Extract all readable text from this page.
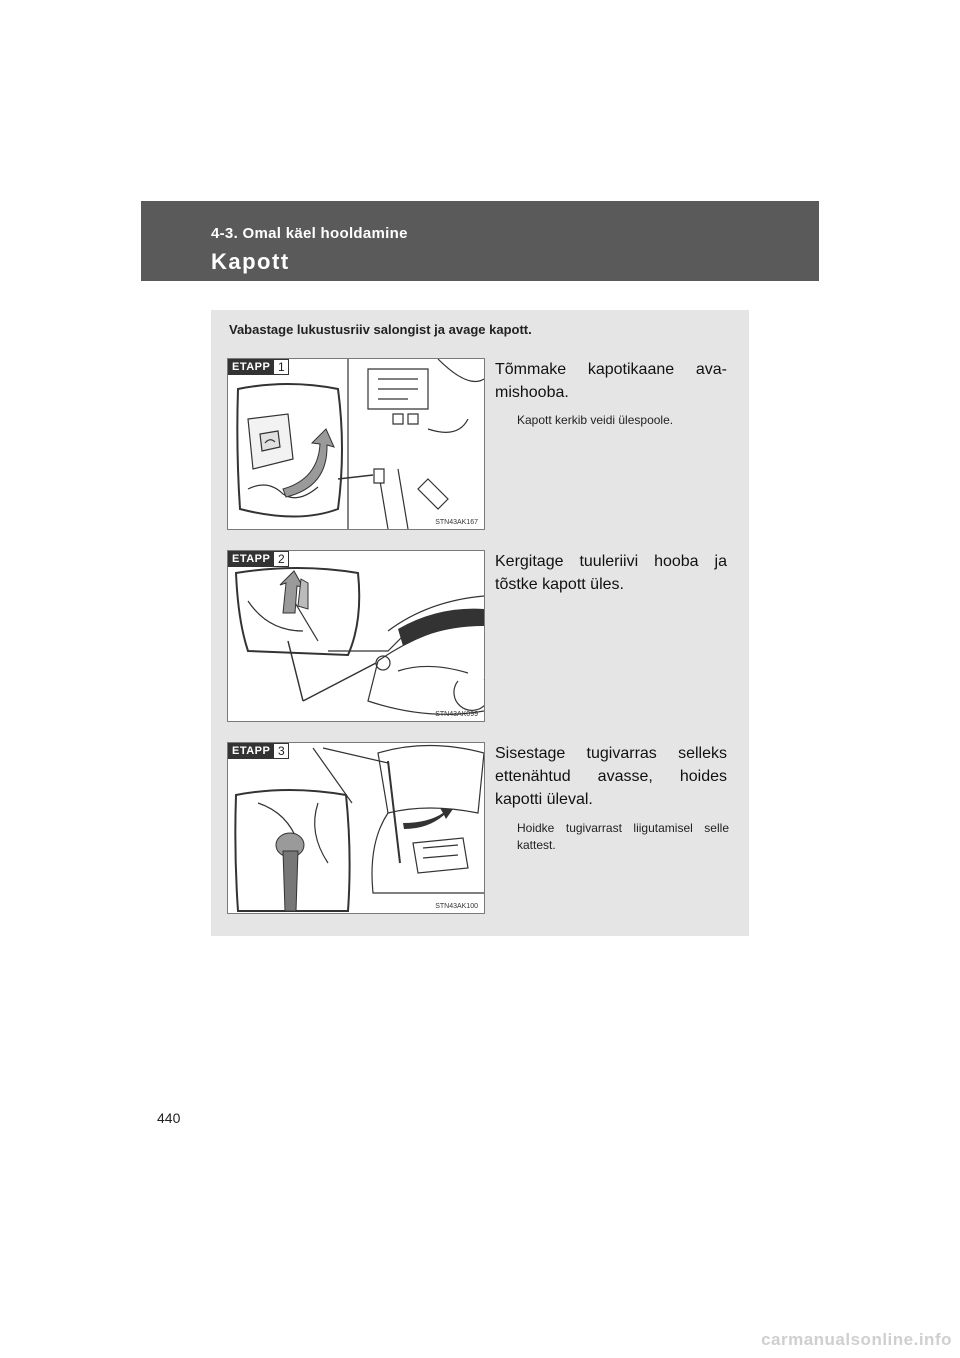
4-3. Omal käel hooldamine
Kapott
Vabastage lukustusriiv salongist ja avage kapott.
ETAPP 1
STN43AK167
Tõmmake kapotikaane ava-mishooba.
Kapott kerkib veidi ülespoole.
ETAPP 2
STN43AK099
Kergitage tuuleriivi hooba ja tõstke kapott üles.
ETAPP 3
STN43AK100
Sisestage tugivarras selleks ettenähtud avasse, hoides kapotti üleval.
Hoidke tugivarrast liigutamisel selle kattest.
440
carmanualsonline.info
